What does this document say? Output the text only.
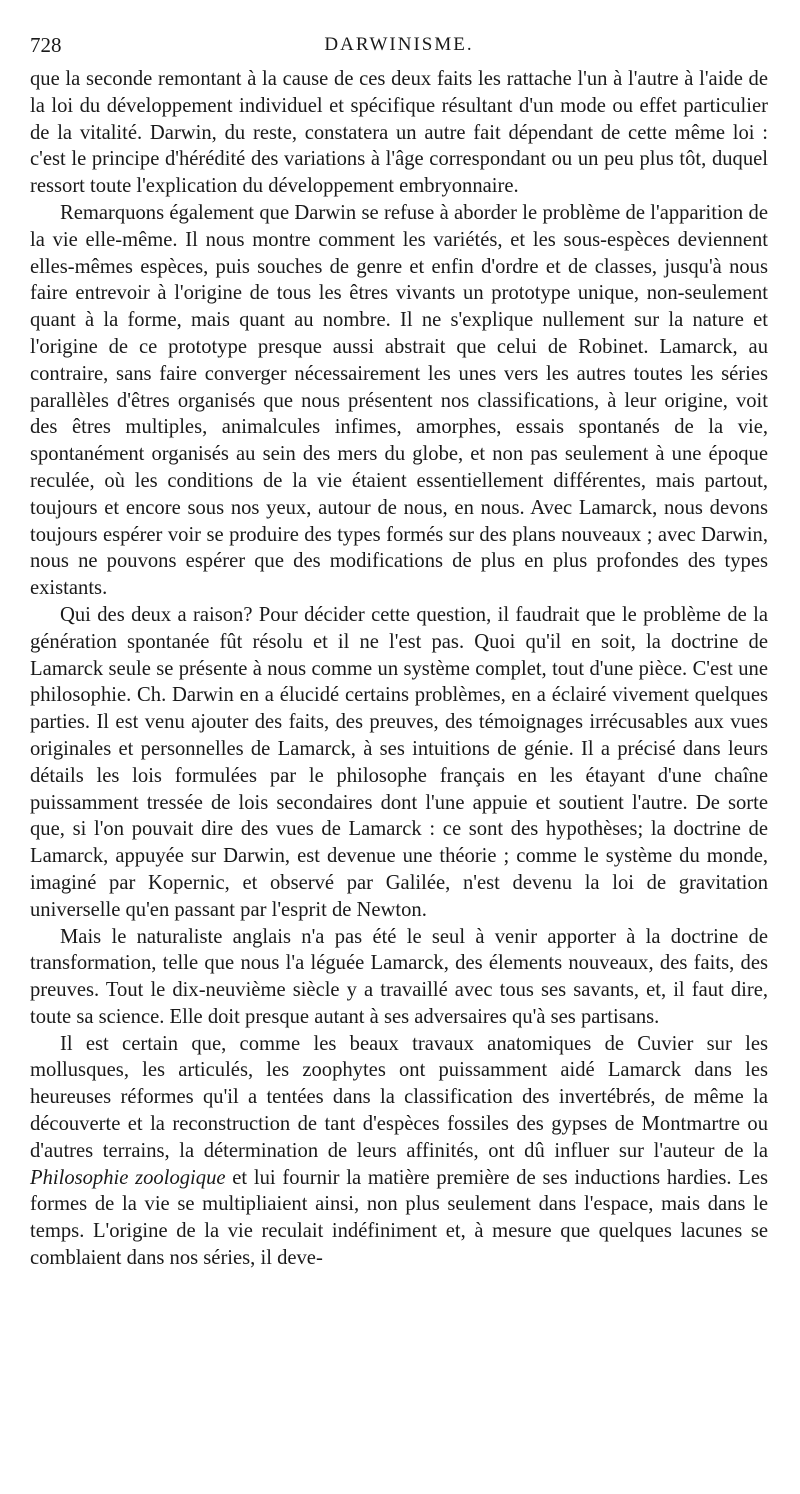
728	DARWINISME.

que la seconde remontant à la cause de ces deux faits les rattache l'un à l'autre à l'aide de la loi du développement individuel et spécifique résultant d'un mode ou effet particulier de la vitalité. Darwin, du reste, constatera un autre fait dépendant de cette même loi : c'est le principe d'hérédité des variations à l'âge correspondant ou un peu plus tôt, duquel ressort toute l'explication du développement embryonnaire.

Remarquons également que Darwin se refuse à aborder le problème de l'apparition de la vie elle-même. Il nous montre comment les variétés, et les sous-espèces deviennent elles-mêmes espèces, puis souches de genre et enfin d'ordre et de classes, jusqu'à nous faire entrevoir à l'origine de tous les êtres vivants un prototype unique, non-seulement quant à la forme, mais quant au nombre. Il ne s'explique nullement sur la nature et l'origine de ce prototype presque aussi abstrait que celui de Robinet. Lamarck, au contraire, sans faire converger nécessairement les unes vers les autres toutes les séries parallèles d'êtres organisés que nous présentent nos classifications, à leur origine, voit des êtres multiples, animalcules infimes, amorphes, essais spontanés de la vie, spontanément organisés au sein des mers du globe, et non pas seulement à une époque reculée, où les conditions de la vie étaient essentiellement différentes, mais partout, toujours et encore sous nos yeux, autour de nous, en nous. Avec Lamarck, nous devons toujours espérer voir se produire des types formés sur des plans nouveaux ; avec Darwin, nous ne pouvons espérer que des modifications de plus en plus profondes des types existants.

Qui des deux a raison? Pour décider cette question, il faudrait que le problème de la génération spontanée fût résolu et il ne l'est pas. Quoi qu'il en soit, la doctrine de Lamarck seule se présente à nous comme un système complet, tout d'une pièce. C'est une philosophie. Ch. Darwin en a élucidé certains problèmes, en a éclairé vivement quelques parties. Il est venu ajouter des faits, des preuves, des témoignages irrécusables aux vues originales et personnelles de Lamarck, à ses intuitions de génie. Il a précisé dans leurs détails les lois formulées par le philosophe français en les étayant d'une chaîne puissamment tressée de lois secondaires dont l'une appuie et soutient l'autre. De sorte que, si l'on pouvait dire des vues de Lamarck : ce sont des hypothèses; la doctrine de Lamarck, appuyée sur Darwin, est devenue une théorie ; comme le système du monde, imaginé par Kopernic, et observé par Galilée, n'est devenu la loi de gravitation universelle qu'en passant par l'esprit de Newton.

Mais le naturaliste anglais n'a pas été le seul à venir apporter à la doctrine de transformation, telle que nous l'a léguée Lamarck, des élements nouveaux, des faits, des preuves. Tout le dix-neuvième siècle y a travaillé avec tous ses savants, et, il faut dire, toute sa science. Elle doit presque autant à ses adversaires qu'à ses partisans.

Il est certain que, comme les beaux travaux anatomiques de Cuvier sur les mollusques, les articulés, les zoophytes ont puissamment aidé Lamarck dans les heureuses réformes qu'il a tentées dans la classification des invertébrés, de même la découverte et la reconstruction de tant d'espèces fossiles des gypses de Montmartre ou d'autres terrains, la détermination de leurs affinités, ont dû influer sur l'auteur de la Philosophie zoologique et lui fournir la matière première de ses inductions hardies. Les formes de la vie se multipliaient ainsi, non plus seulement dans l'espace, mais dans le temps. L'origine de la vie reculait indéfiniment et, à mesure que quelques lacunes se comblaient dans nos séries, il deve-
